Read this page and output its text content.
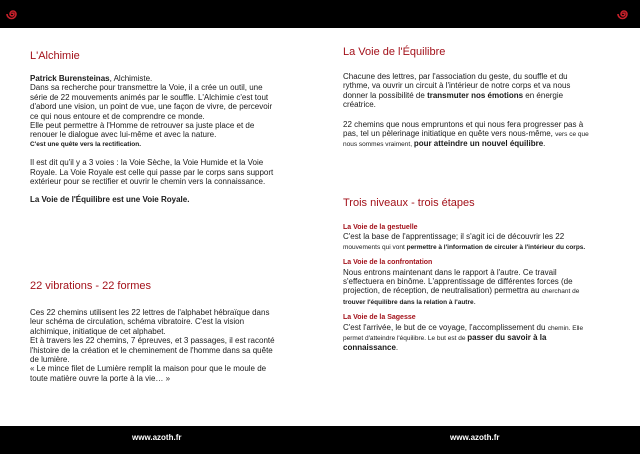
www.azoth.fr	www.azoth.fr
L'Alchimie

Patrick Burensteinas, Alchimiste.

Dans sa recherche pour transmettre la Voie, il a crée un outil, une série de 22 mouvements animés par le souffle. L'Alchimie c'est tout d'abord une vision, un point de vue, une façon de vivre, de percevoir ce qui nous entoure et de comprendre ce monde.

Elle peut permettre à l'Homme de retrouver sa juste place et de renouer le dialogue avec lui-même et avec la nature.

C'est une quête vers la rectification.

Il est dit qu'il y a 3 voies : la Voie Sèche, la Voie Humide et la Voie Royale. La Voie Royale est celle qui passe par le corps sans support extérieur pour se rectifier et ouvrir le chemin vers la connaissance.

La Voie de l'Équilibre est une Voie Royale.

22 vibrations - 22 formes

Ces 22 chemins utilisent les 22 lettres de l'alphabet hébraïque dans leur schéma de circulation, schéma vibratoire. C'est la vision alchimique, initiatique de cet alphabet.

Et à travers les 22 chemins, 7 épreuves, et 3 passages, il est raconté l'histoire de la création et le cheminement de l'homme dans sa quête de lumière.

« Le mince filet de Lumière remplit la maison pour que le moule de toute matière ouvre la porte à la vie… »

La Voie de l'Équilibre

Chacune des lettres, par l'association du geste, du souffle et du rythme, va ouvrir un circuit à l'intérieur de notre corps et va nous donner la possibilité de transmuter nos émotions en énergie créatrice.

22 chemins que nous empruntons et qui nous fera progresser pas à pas, tel un pèlerinage initiatique en quête vers nous-même, vers ce que nous sommes vraiment, pour atteindre un nouvel équilibre.

Trois niveaux - trois étapes

La Voie de la gestuelle

C'est la base de l'apprentissage; il s'agit ici de découvrir les 22 mouvements qui vont permettre à l'information de circuler à l'intérieur du corps.

La Voie de la confrontation

Nous entrons maintenant dans le rapport à l'autre. Ce travail s'effectuera en binôme. L'apprentissage de différentes forces (de projection, de réception, de neutralisation) permettra au cherchant de trouver l'équilibre dans la relation à l'autre.

La Voie de la Sagesse

C'est l'arrivée, le but de ce voyage, l'accomplissement du chemin. Elle permet d'atteindre l'équilibre. Le but est de passer du savoir à la connaissance.
